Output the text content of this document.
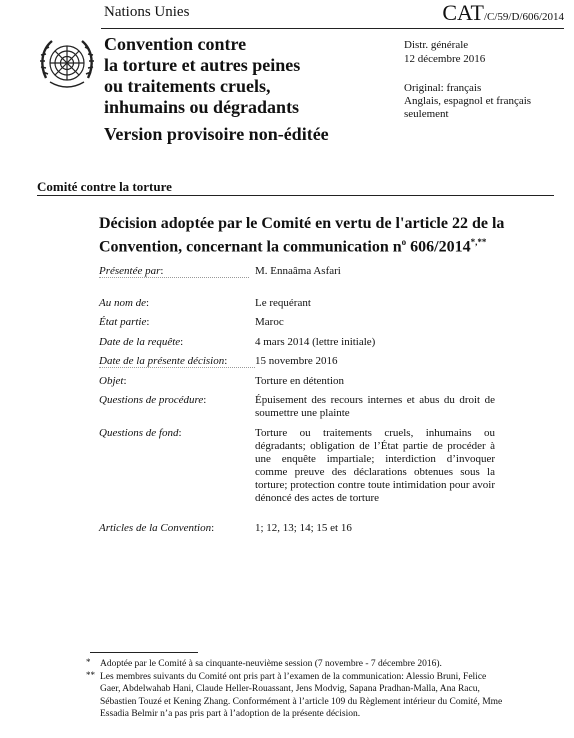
Nations Unies	CAT/C/59/D/606/2014
Convention contre
la torture et autres peines
ou traitements cruels,
inhumains ou dégradants
Version provisoire non-éditée
Distr. générale
12 décembre 2016
Original: français
Anglais, espagnol et français seulement
Comité contre la torture
Décision adoptée par le Comité en vertu de l'article 22 de la Convention, concernant la communication $n^o$ 606/2014*,**
Présentée par:	M. Ennaâma Asfari
Au nom de:	Le requérant
État partie:	Maroc
Date de la requête:	4 mars 2014 (lettre initiale)
Date de la présente décision:	15 novembre 2016
Objet:	Torture en détention
Questions de procédure:	Épuisement des recours internes et abus du droit de soumettre une plainte
Questions de fond:	Torture ou traitements cruels, inhumains ou dégradants; obligation de l’État partie de procéder à une enquête impartiale; interdiction d’invoquer comme preuve des déclarations obtenues sous la torture; protection contre toute intimidation pour avoir dénoncé des actes de torture
Articles de la Convention:	1; 12, 13; 14; 15 et 16
* Adoptée par le Comité à sa cinquante-neuvième session (7 novembre - 7 décembre 2016).
** Les membres suivants du Comité ont pris part à l’examen de la communication: Alessio Bruni, Felice Gaer, Abdelwahab Hani, Claude Heller-Rouassant, Jens Modvig, Sapana Pradhan-Malla, Ana Racu, Sébastien Touzé et Kening Zhang. Conformément à l’article 109 du Règlement intérieur du Comité, Mme Essadia Belmir n’a pas pris part à l’adoption de la présente décision.
